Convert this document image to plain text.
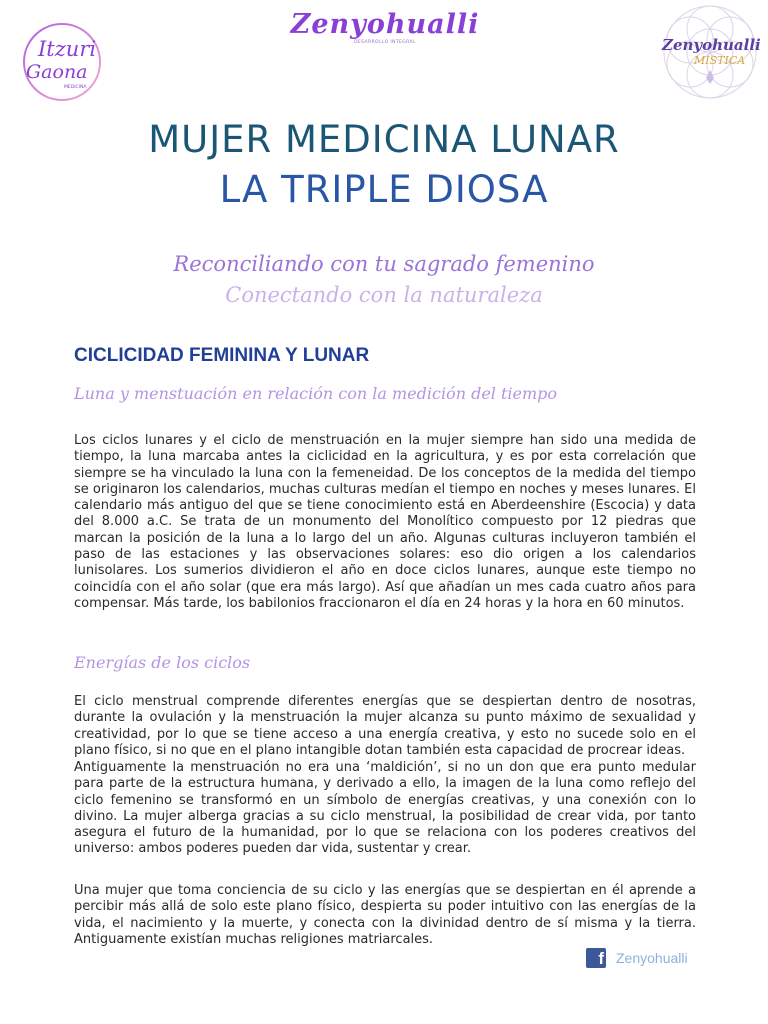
Itzuri
Gaona
MEDICINA
Zenyohualli
DESARROLLO INTEGRAL	Zenyohualli
MISTICA
MUJER MEDICINA LUNAR
LA TRIPLE DIOSA
Reconciliando con tu sagrado femenino
Conectando con la naturaleza
CICLICIDAD FEMININA Y LUNAR
Luna y menstuación en relación con la medición del tiempo

Los ciclos lunares y el ciclo de menstruación en la mujer siempre han sido una medida de tiempo, la luna marcaba antes la ciclicidad en la agricultura, y es por esta correlación que siempre se ha vinculado la luna con la femeneidad. De los conceptos de la medida del tiempo se originaron los calendarios, muchas culturas medían el tiempo en noches y meses lunares. El calendario más antiguo del que se tiene conocimiento está en Aberdeenshire (Escocia) y data del 8.000 a.C. Se trata de un monumento del Monolítico compuesto por 12 piedras que marcan la posición de la luna a lo largo del un año. Algunas culturas incluyeron también el paso de las estaciones y las observaciones solares: eso dio origen a los calendarios lunisolares. Los sumerios dividieron el año en doce ciclos lunares, aunque este tiempo no coincidía con el año solar (que era más largo). Así que añadían un mes cada cuatro años para compensar. Más tarde, los babilonios fraccionaron el día en 24 horas y la hora en 60 minutos.

Energías de los ciclos

El ciclo menstrual comprende diferentes energías que se despiertan dentro de nosotras, durante la ovulación y la menstruación la mujer alcanza su punto máximo de sexualidad y creatividad, por lo que se tiene acceso a una energía creativa, y esto no sucede solo en el plano físico, si no que en el plano intangible dotan también esta capacidad de procrear ideas.

Antiguamente la menstruación no era una ‘maldición’, si no un don que era punto medular para parte de la estructura humana, y derivado a ello, la imagen de la luna como reflejo del ciclo femenino se transformó en un símbolo de energías creativas, y una conexión con lo divino. La mujer alberga gracias a su ciclo menstrual, la posibilidad de crear vida, por tanto asegura el futuro de la humanidad, por lo que se relaciona con los poderes creativos del universo: ambos poderes pueden dar vida, sustentar y crear.

Una mujer que toma conciencia de su ciclo y las energías que se despiertan en él aprende a percibir más allá de solo este plano físico, despierta su poder intuitivo con las energías de la vida, el nacimiento y la muerte, y conecta con la divinidad dentro de sí misma y la tierra. Antiguamente existían muchas religiones matriarcales.

f Zenyohualli
